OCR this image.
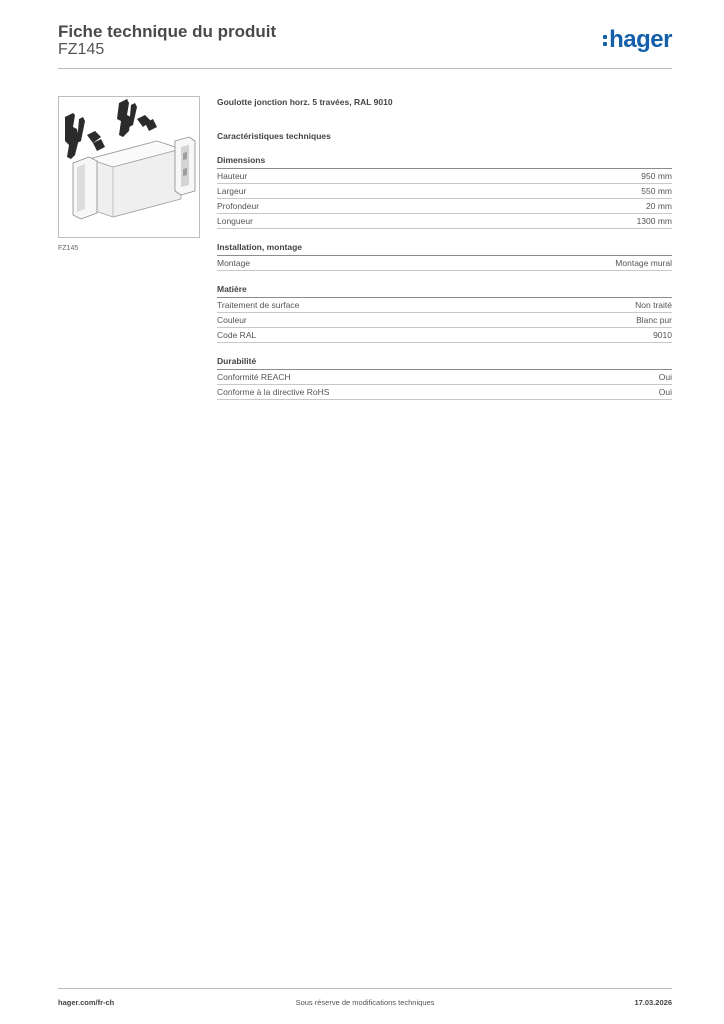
Fiche technique du produit
FZ145	hager
FZ145
Goulotte jonction horz. 5 travées, RAL 9010
Caractéristiques techniques
Dimensions
Hauteur	950 mm
Largeur	550 mm
Profondeur	20 mm
Longueur	1300 mm
Installation, montage
Montage	Montage mural
Matière
Traitement de surface	Non traité
Couleur	Blanc pur
Code RAL	9010
Durabilité
Conformité REACH	Oui
Conforme à la directive RoHS	Oui
hager.com/fr-ch	Sous réserve de modifications techniques	17.03.2026
